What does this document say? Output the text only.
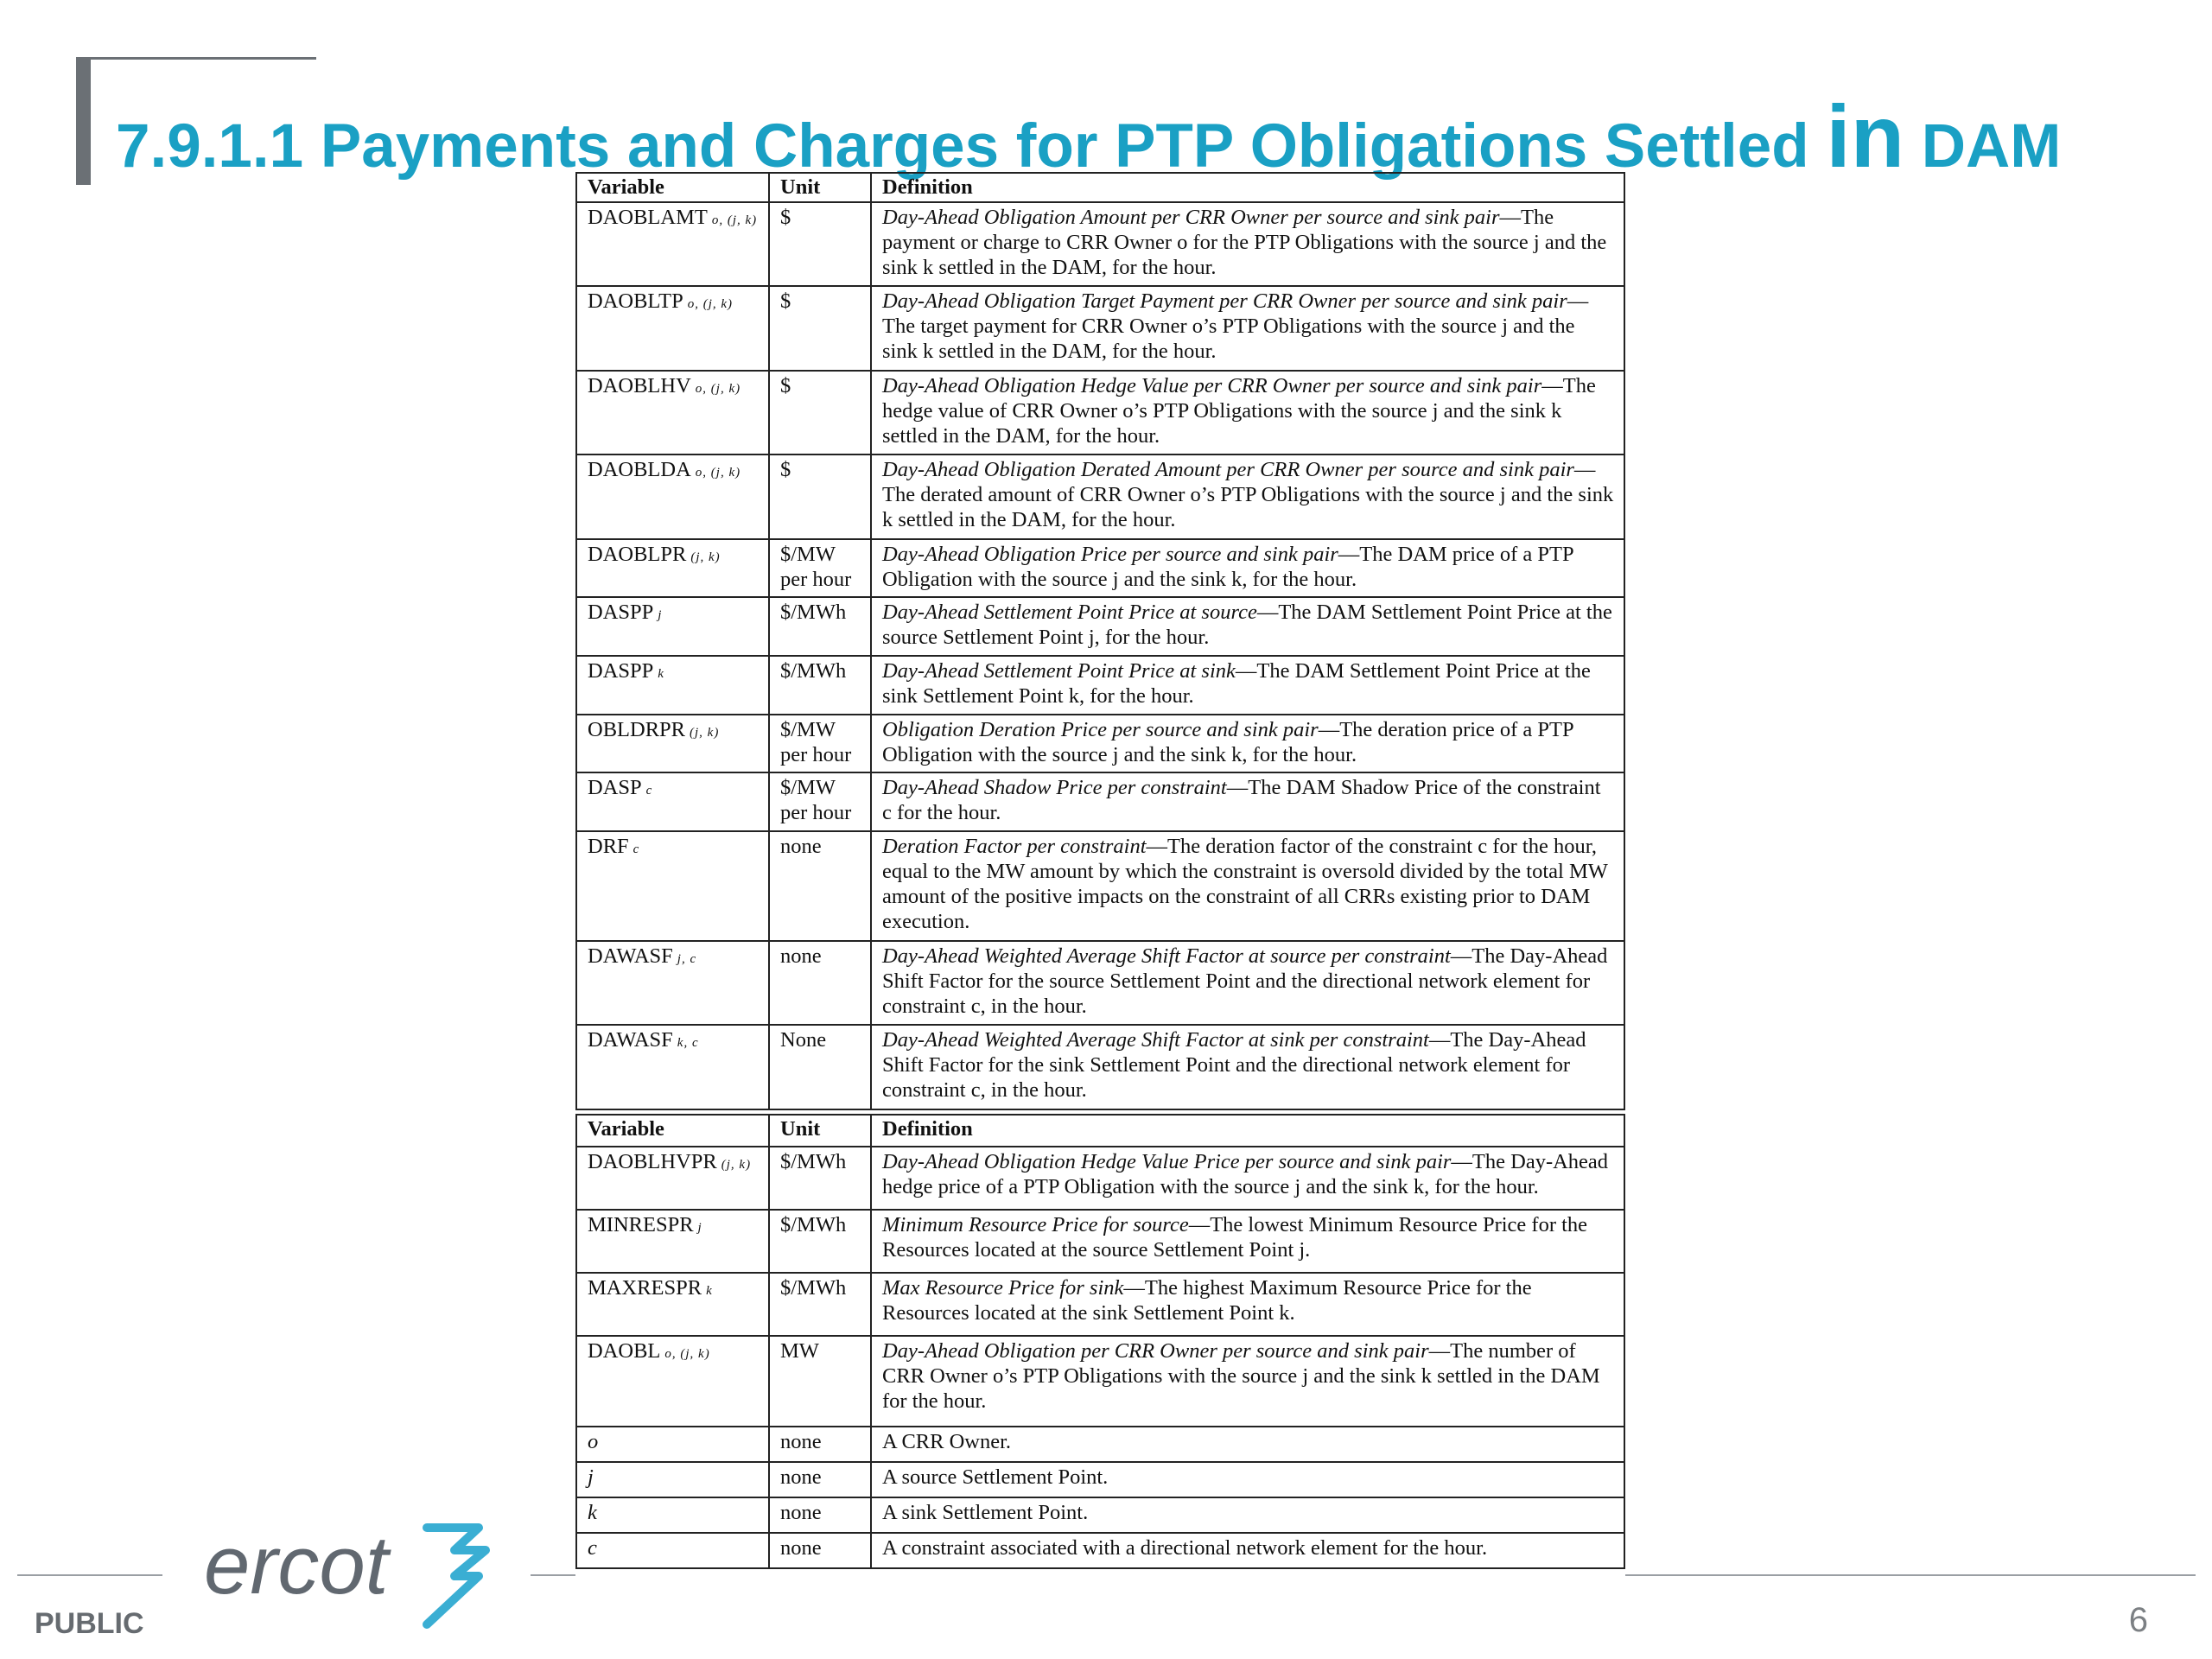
7.9.1.1 Payments and Charges for PTP Obligations Settled in DAM
Variable	Unit	Definition
DAOBLAMT o, (j, k)	$	Day-Ahead Obligation Amount per CRR Owner per source and sink pair—The payment or charge to CRR Owner o for the PTP Obligations with the source j and the sink k settled in the DAM, for the hour.
DAOBLTP o, (j, k)	$	Day-Ahead Obligation Target Payment per CRR Owner per source and sink pair—The target payment for CRR Owner o’s PTP Obligations with the source j and the sink k settled in the DAM, for the hour.
DAOBLHV o, (j, k)	$	Day-Ahead Obligation Hedge Value per CRR Owner per source and sink pair—The hedge value of CRR Owner o’s PTP Obligations with the source j and the sink k settled in the DAM, for the hour.
DAOBLDA o, (j, k)	$	Day-Ahead Obligation Derated Amount per CRR Owner per source and sink pair—The derated amount of CRR Owner o’s PTP Obligations with the source j and the sink k settled in the DAM, for the hour.
DAOBLPR (j, k)	$/MW per hour	Day-Ahead Obligation Price per source and sink pair—The DAM price of a PTP Obligation with the source j and the sink k, for the hour.
DASPP j	$/MWh	Day-Ahead Settlement Point Price at source—The DAM Settlement Point Price at the source Settlement Point j, for the hour.
DASPP k	$/MWh	Day-Ahead Settlement Point Price at sink—The DAM Settlement Point Price at the sink Settlement Point k, for the hour.
OBLDRPR (j, k)	$/MW per hour	Obligation Deration Price per source and sink pair—The deration price of a PTP Obligation with the source j and the sink k, for the hour.
DASP c	$/MW per hour	Day-Ahead Shadow Price per constraint—The DAM Shadow Price of the constraint c for the hour.
DRF c	none	Deration Factor per constraint—The deration factor of the constraint c for the hour, equal to the MW amount by which the constraint is oversold divided by the total MW amount of the positive impacts on the constraint of all CRRs existing prior to DAM execution.
DAWASF j, c	none	Day-Ahead Weighted Average Shift Factor at source per constraint—The Day-Ahead Shift Factor for the source Settlement Point and the directional network element for constraint c, in the hour.
DAWASF k, c	None	Day-Ahead Weighted Average Shift Factor at sink per constraint—The Day-Ahead Shift Factor for the sink Settlement Point and the directional network element for constraint c, in the hour.
Variable	Unit	Definition
DAOBLHVPR (j, k)	$/MWh	Day-Ahead Obligation Hedge Value Price per source and sink pair—The Day-Ahead hedge price of a PTP Obligation with the source j and the sink k, for the hour.
MINRESPR j	$/MWh	Minimum Resource Price for source—The lowest Minimum Resource Price for the Resources located at the source Settlement Point j.
MAXRESPR k	$/MWh	Max Resource Price for sink—The highest Maximum Resource Price for the Resources located at the sink Settlement Point k.
DAOBL o, (j, k)	MW	Day-Ahead Obligation per CRR Owner per source and sink pair—The number of CRR Owner o’s PTP Obligations with the source j and the sink k settled in the DAM for the hour.
o	none	A CRR Owner.
j	none	A source Settlement Point.
k	none	A sink Settlement Point.
c	none	A constraint associated with a directional network element for the hour.
ercot
PUBLIC	6
